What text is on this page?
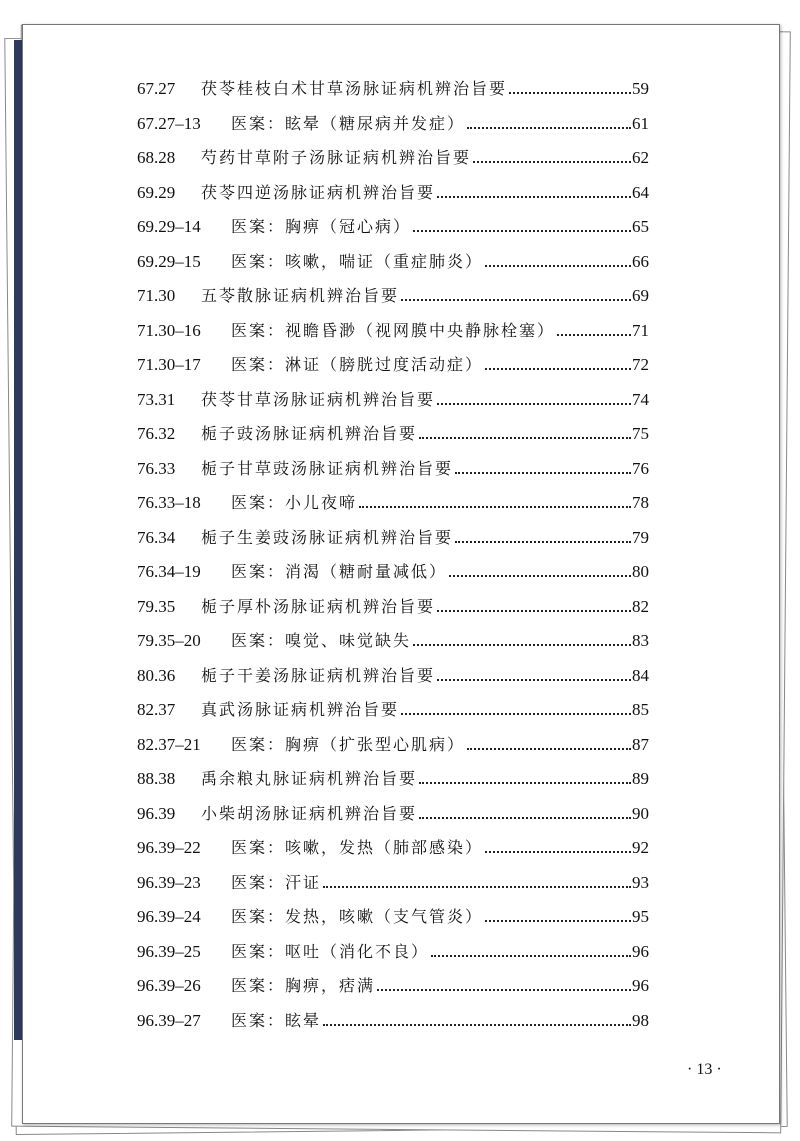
67.27	茯苓桂枝白术甘草汤脉证病机辨治旨要	59
67.27–13	医案：眩晕（糖尿病并发症）	61
68.28	芍药甘草附子汤脉证病机辨治旨要	62
69.29	茯苓四逆汤脉证病机辨治旨要	64
69.29–14	医案：胸痹（冠心病）	65
69.29–15	医案：咳嗽，喘证（重症肺炎）	66
71.30	五苓散脉证病机辨治旨要	69
71.30–16	医案：视瞻昏渺（视网膜中央静脉栓塞）	71
71.30–17	医案：淋证（膀胱过度活动症）	72
73.31	茯苓甘草汤脉证病机辨治旨要	74
76.32	栀子豉汤脉证病机辨治旨要	75
76.33	栀子甘草豉汤脉证病机辨治旨要	76
76.33–18	医案：小儿夜啼	78
76.34	栀子生姜豉汤脉证病机辨治旨要	79
76.34–19	医案：消渴（糖耐量减低）	80
79.35	栀子厚朴汤脉证病机辨治旨要	82
79.35–20	医案：嗅觉、味觉缺失	83
80.36	栀子干姜汤脉证病机辨治旨要	84
82.37	真武汤脉证病机辨治旨要	85
82.37–21	医案：胸痹（扩张型心肌病）	87
88.38	禹余粮丸脉证病机辨治旨要	89
96.39	小柴胡汤脉证病机辨治旨要	90
96.39–22	医案：咳嗽，发热（肺部感染）	92
96.39–23	医案：汗证	93
96.39–24	医案：发热，咳嗽（支气管炎）	95
96.39–25	医案：呕吐（消化不良）	96
96.39–26	医案：胸痹，痞满	96
96.39–27	医案：眩晕	98
· 13 ·
